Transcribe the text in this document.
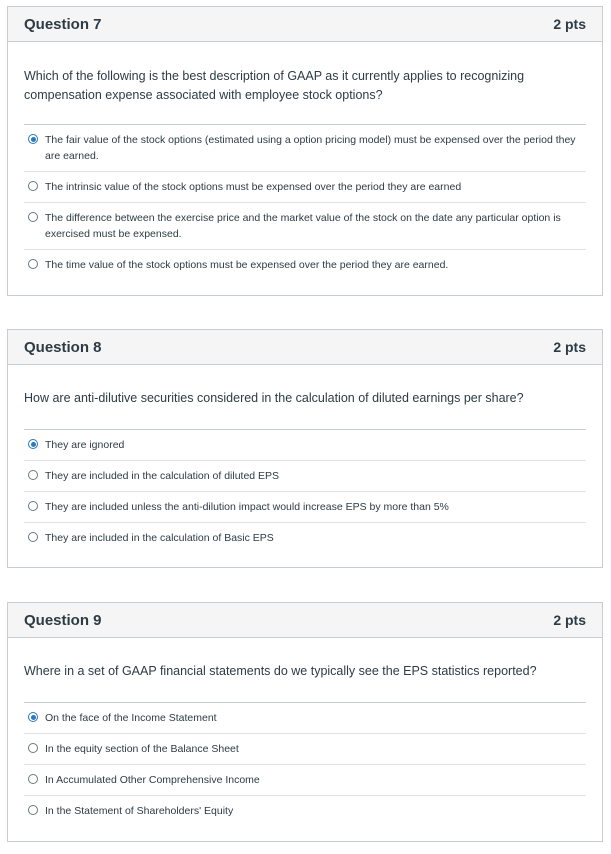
Question 7	2 pts

Which of the following is the best description of GAAP as it currently applies to recognizing compensation expense associated with employee stock options?

The fair value of the stock options (estimated using a option pricing model) must be expensed over the period they are earned.
The intrinsic value of the stock options must be expensed over the period they are earned
The difference between the exercise price and the market value of the stock on the date any particular option is exercised must be expensed.
The time value of the stock options must be expensed over the period they are earned.
Question 8	2 pts

How are anti-dilutive securities considered in the calculation of diluted earnings per share?

They are ignored
They are included in the calculation of diluted EPS
They are included unless the anti-dilution impact would increase EPS by more than 5%
They are included in the calculation of Basic EPS
Question 9	2 pts

Where in a set of GAAP financial statements do we typically see the EPS statistics reported?

On the face of the Income Statement
In the equity section of the Balance Sheet
In Accumulated Other Comprehensive Income
In the Statement of Shareholders' Equity
